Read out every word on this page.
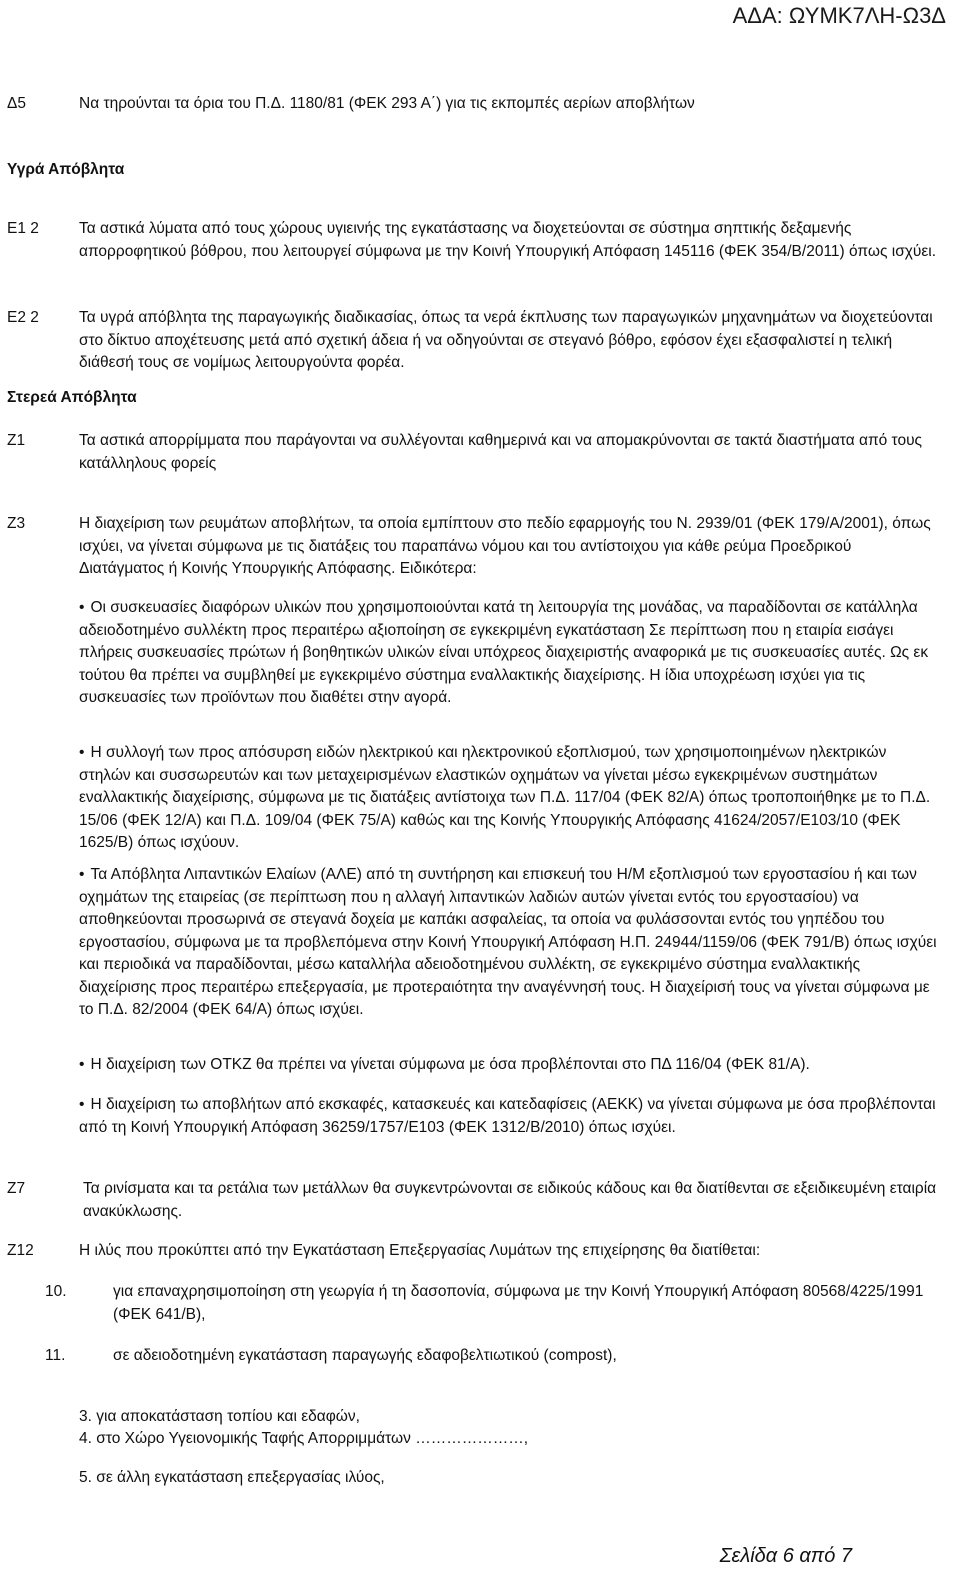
ΑΔΑ: ΩΥΜΚ7ΛΗ-Ω3Δ
Δ5	Να τηρούνται τα όρια του Π.Δ. 1180/81 (ΦΕΚ 293 Α΄) για τις εκπομπές αερίων αποβλήτων

Υγρά Απόβλητα
Ε1 2	Τα αστικά λύματα από τους χώρους υγιεινής της εγκατάστασης να διοχετεύονται σε σύστημα σηπτικής δεξαμενής απορροφητικού βόθρου, που λειτουργεί σύμφωνα με την Κοινή Υπουργική Απόφαση 145116 (ΦΕΚ 354/Β/2011) όπως ισχύει.

Ε2 2	Τα υγρά απόβλητα της παραγωγικής διαδικασίας, όπως τα νερά έκπλυσης των παραγωγικών μηχανημάτων να διοχετεύονται στο δίκτυο αποχέτευσης μετά από σχετική άδεια ή να οδηγούνται σε στεγανό βόθρο, εφόσον έχει εξασφαλιστεί η τελική διάθεσή τους σε νομίμως λειτουργούντα φορέα.

Στερεά Απόβλητα
Ζ1	Τα αστικά απορρίμματα που παράγονται να συλλέγονται καθημερινά και να απομακρύνονται σε τακτά διαστήματα από τους κατάλληλους φορείς

Ζ3	Η διαχείριση των ρευμάτων αποβλήτων, τα οποία εμπίπτουν στο πεδίο εφαρμογής του Ν. 2939/01 (ΦΕΚ 179/Α/2001), όπως ισχύει, να γίνεται σύμφωνα με τις διατάξεις του παραπάνω νόμου και του αντίστοιχου για κάθε ρεύμα Προεδρικού Διατάγματος ή Κοινής Υπουργικής Απόφασης. Ειδικότερα:

• Οι συσκευασίες διαφόρων υλικών που χρησιμοποιούνται κατά τη λειτουργία της μονάδας, να παραδίδονται σε κατάλληλα αδειοδοτημένο συλλέκτη προς περαιτέρω αξιοποίηση σε εγκεκριμένη εγκατάσταση Σε περίπτωση που η εταιρία εισάγει πλήρεις συσκευασίες πρώτων ή βοηθητικών υλικών είναι υπόχρεος διαχειριστής αναφορικά με τις συσκευασίες αυτές. Ως εκ τούτου θα πρέπει να συμβληθεί με εγκεκριμένο σύστημα εναλλακτικής διαχείρισης. Η ίδια υποχρέωση ισχύει για τις συσκευασίες των προϊόντων που διαθέτει στην αγορά.

• Η συλλογή των προς απόσυρση ειδών ηλεκτρικού και ηλεκτρονικού εξοπλισμού, των χρησιμοποιημένων ηλεκτρικών στηλών και συσσωρευτών και των μεταχειρισμένων ελαστικών οχημάτων να γίνεται μέσω εγκεκριμένων συστημάτων εναλλακτικής διαχείρισης, σύμφωνα με τις διατάξεις αντίστοιχα των Π.Δ. 117/04 (ΦΕΚ 82/Α) όπως τροποποιήθηκε με το Π.Δ. 15/06 (ΦΕΚ 12/Α) και Π.Δ. 109/04 (ΦΕΚ 75/Α) καθώς και της Κοινής Υπουργικής Απόφασης 41624/2057/Ε103/10 (ΦΕΚ 1625/Β) όπως ισχύουν.

• Τα Απόβλητα Λιπαντικών Ελαίων (ΑΛΕ) από τη συντήρηση και επισκευή του Η/Μ εξοπλισμού των εργοστασίου ή και των οχημάτων της εταιρείας (σε περίπτωση που η αλλαγή λιπαντικών λαδιών αυτών γίνεται εντός του εργοστασίου) να αποθηκεύονται προσωρινά σε στεγανά δοχεία με καπάκι ασφαλείας, τα οποία να φυλάσσονται εντός του γηπέδου του εργοστασίου, σύμφωνα με τα προβλεπόμενα στην Κοινή Υπουργική Απόφαση Η.Π. 24944/1159/06 (ΦΕΚ 791/Β) όπως ισχύει και περιοδικά να παραδίδονται, μέσω καταλλήλα αδειοδοτημένου συλλέκτη, σε εγκεκριμένο σύστημα εναλλακτικής διαχείρισης προς περαιτέρω επεξεργασία, με προτεραιότητα την αναγέννησή τους. Η διαχείρισή τους να γίνεται σύμφωνα με το Π.Δ. 82/2004 (ΦΕΚ 64/Α) όπως ισχύει.

• Η διαχείριση των ΟΤΚΖ θα πρέπει να γίνεται σύμφωνα με όσα προβλέπονται στο ΠΔ 116/04 (ΦΕΚ 81/Α).

• Η διαχείριση τω αποβλήτων από εκσκαφές, κατασκευές και κατεδαφίσεις (ΑΕΚΚ) να γίνεται σύμφωνα με όσα προβλέπονται από τη Κοινή Υπουργική Απόφαση 36259/1757/Ε103 (ΦΕΚ 1312/Β/2010) όπως ισχύει.

Ζ7	Τα ρινίσματα και τα ρετάλια των μετάλλων θα συγκεντρώνονται σε ειδικούς κάδους και θα διατίθενται σε εξειδικευμένη εταιρία ανακύκλωσης.

Ζ12	Η ιλύς που προκύπτει από την Εγκατάσταση Επεξεργασίας Λυμάτων της επιχείρησης θα διατίθεται:

10.	για επαναχρησιμοποίηση στη γεωργία ή τη δασοπονία, σύμφωνα με την Κοινή Υπουργική Απόφαση 80568/4225/1991 (ΦΕΚ 641/Β),

11.	σε αδειοδοτημένη εγκατάσταση παραγωγής εδαφοβελτιωτικού (compost),

3. για αποκατάσταση τοπίου και εδαφών,

4. στο Χώρο Υγειονομικής Ταφής Απορριμμάτων …………………,

5. σε άλλη εγκατάσταση επεξεργασίας ιλύος,

Σελίδα 6 από 7
